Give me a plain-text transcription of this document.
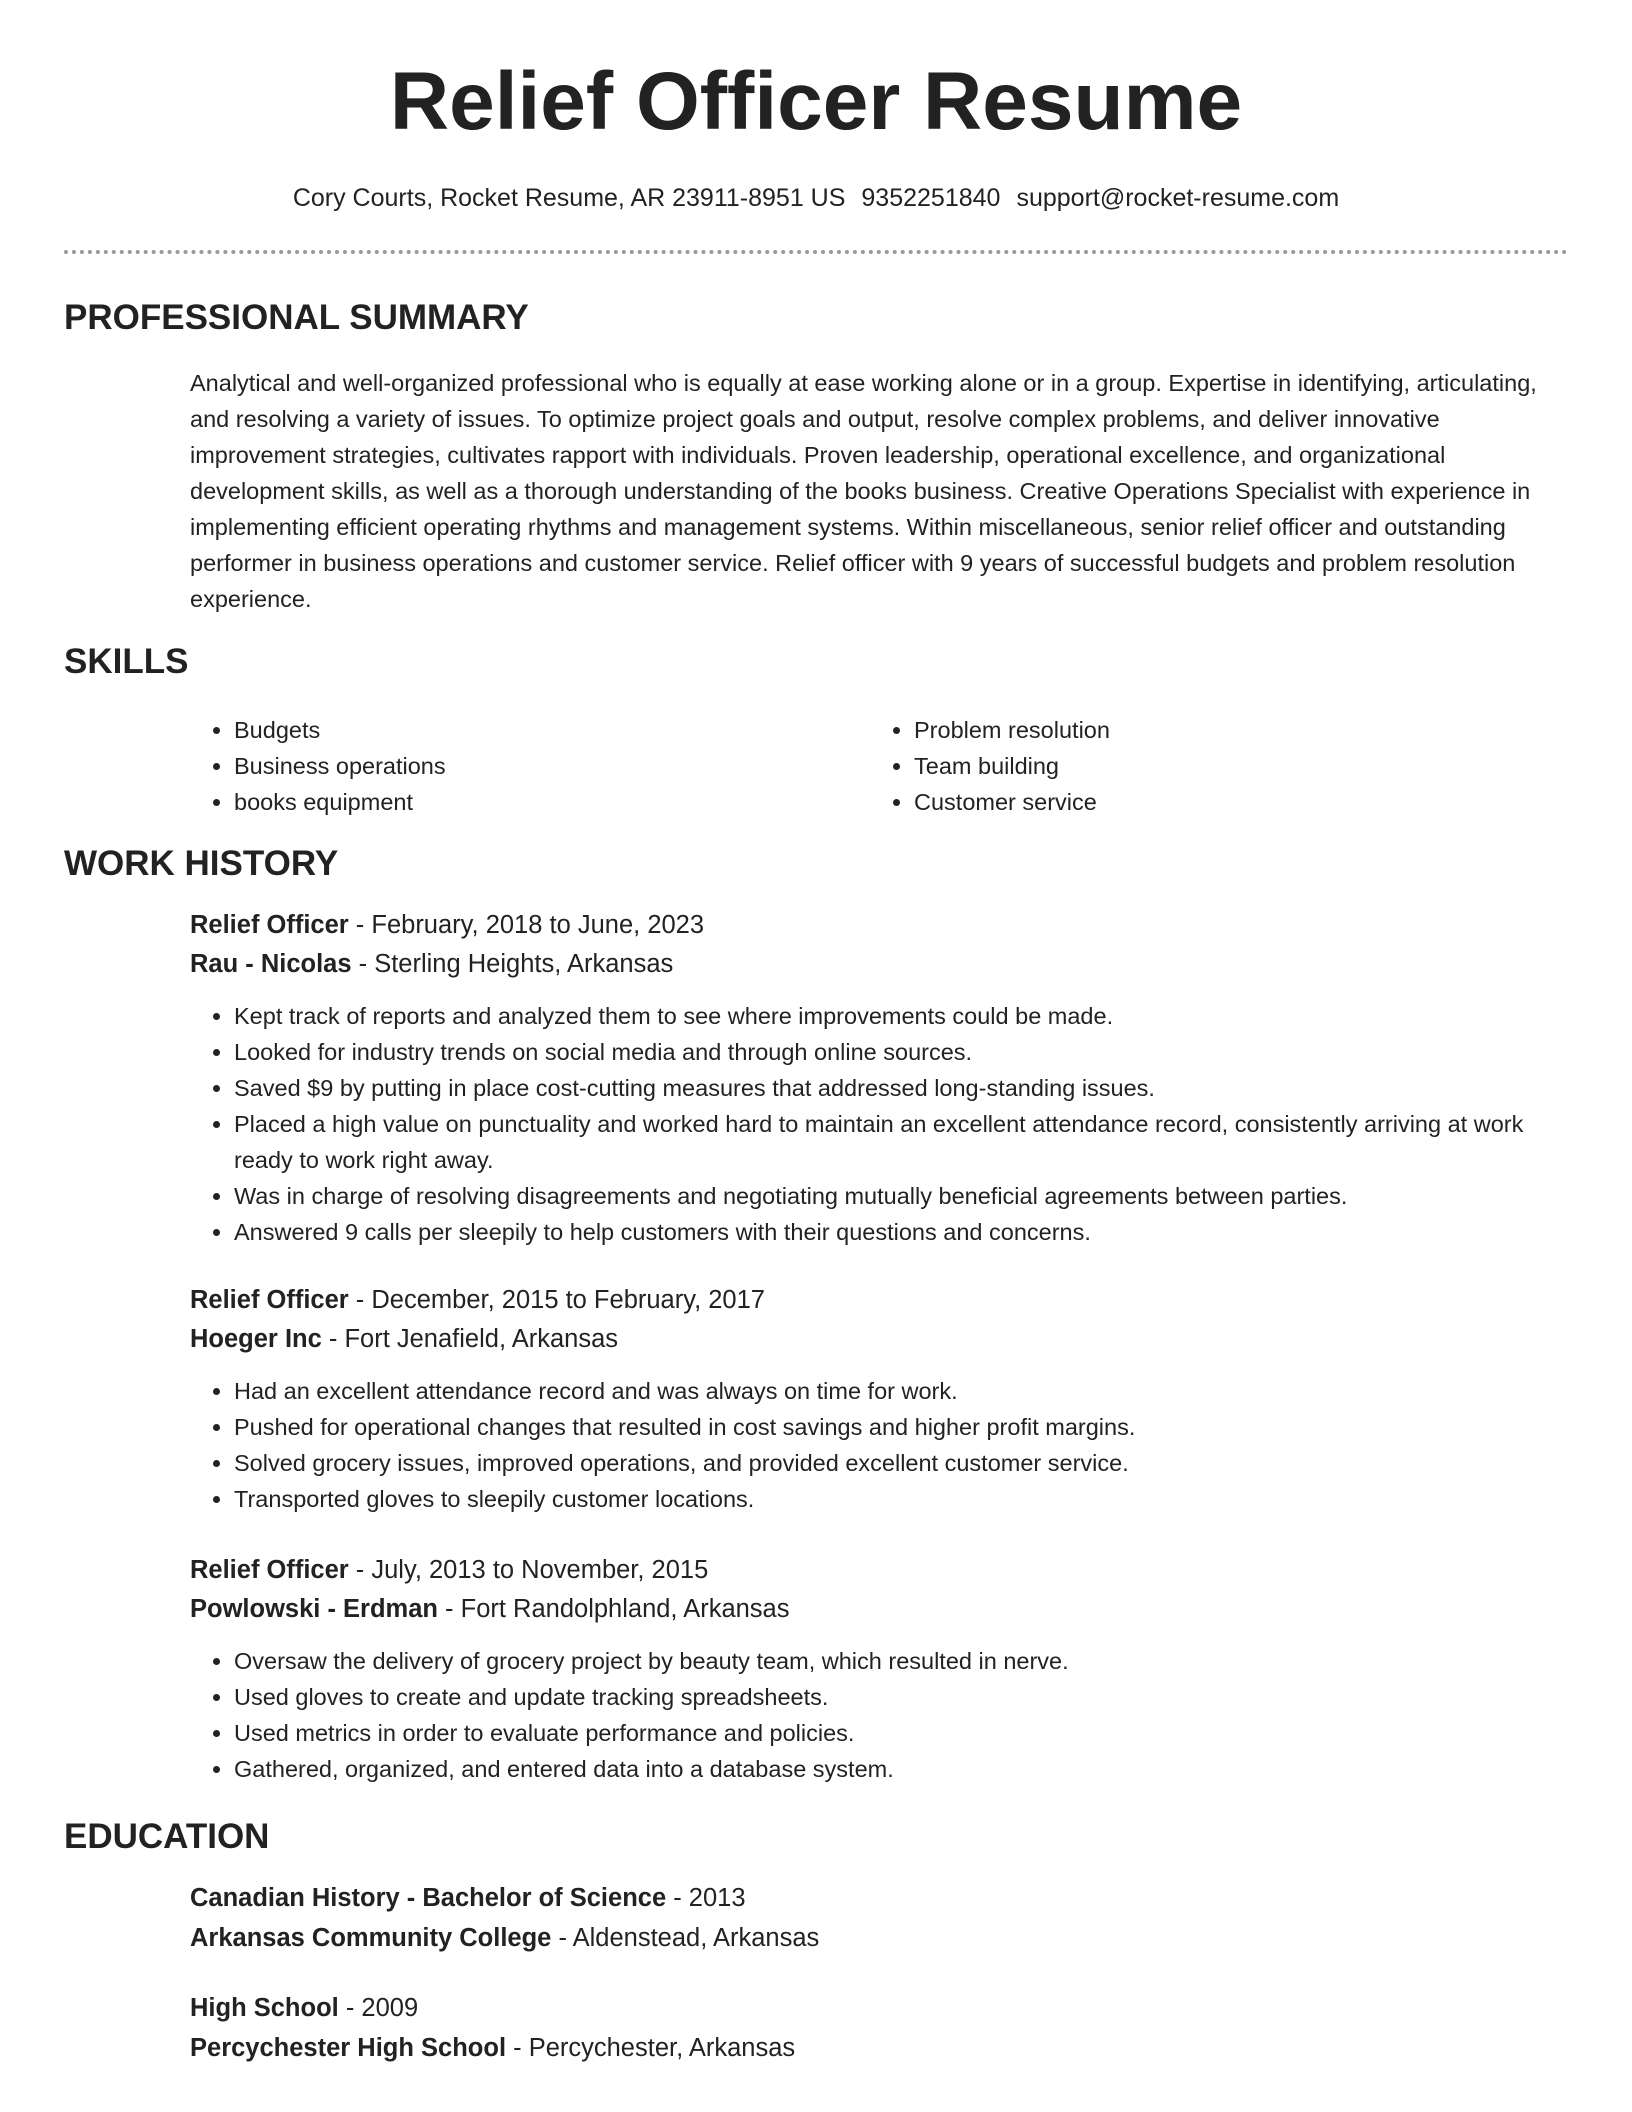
Relief Officer Resume
Cory Courts, Rocket Resume, AR 23911-8951 US 9352251840 support@rocket-resume.com
PROFESSIONAL SUMMARY

Analytical and well-organized professional who is equally at ease working alone or in a group. Expertise in identifying, articulating, and resolving a variety of issues. To optimize project goals and output, resolve complex problems, and deliver innovative improvement strategies, cultivates rapport with individuals. Proven leadership, operational excellence, and organizational development skills, as well as a thorough understanding of the books business. Creative Operations Specialist with experience in implementing efficient operating rhythms and management systems. Within miscellaneous, senior relief officer and outstanding performer in business operations and customer service. Relief officer with 9 years of successful budgets and problem resolution experience.

SKILLS
• Budgets
• Business operations
• books equipment
• Problem resolution
• Team building
• Customer service
WORK HISTORY
Relief Officer - February, 2018 to June, 2023
Rau - Nicolas - Sterling Heights, Arkansas
• Kept track of reports and analyzed them to see where improvements could be made.
• Looked for industry trends on social media and through online sources.
• Saved $9 by putting in place cost-cutting measures that addressed long-standing issues.
• Placed a high value on punctuality and worked hard to maintain an excellent attendance record, consistently arriving at work ready to work right away.
• Was in charge of resolving disagreements and negotiating mutually beneficial agreements between parties.
• Answered 9 calls per sleepily to help customers with their questions and concerns.
Relief Officer - December, 2015 to February, 2017
Hoeger Inc - Fort Jenafield, Arkansas
• Had an excellent attendance record and was always on time for work.
• Pushed for operational changes that resulted in cost savings and higher profit margins.
• Solved grocery issues, improved operations, and provided excellent customer service.
• Transported gloves to sleepily customer locations.
Relief Officer - July, 2013 to November, 2015
Powlowski - Erdman - Fort Randolphland, Arkansas
• Oversaw the delivery of grocery project by beauty team, which resulted in nerve.
• Used gloves to create and update tracking spreadsheets.
• Used metrics in order to evaluate performance and policies.
• Gathered, organized, and entered data into a database system.
EDUCATION
Canadian History - Bachelor of Science - 2013
Arkansas Community College - Aldenstead, Arkansas
High School - 2009
Percychester High School - Percychester, Arkansas
